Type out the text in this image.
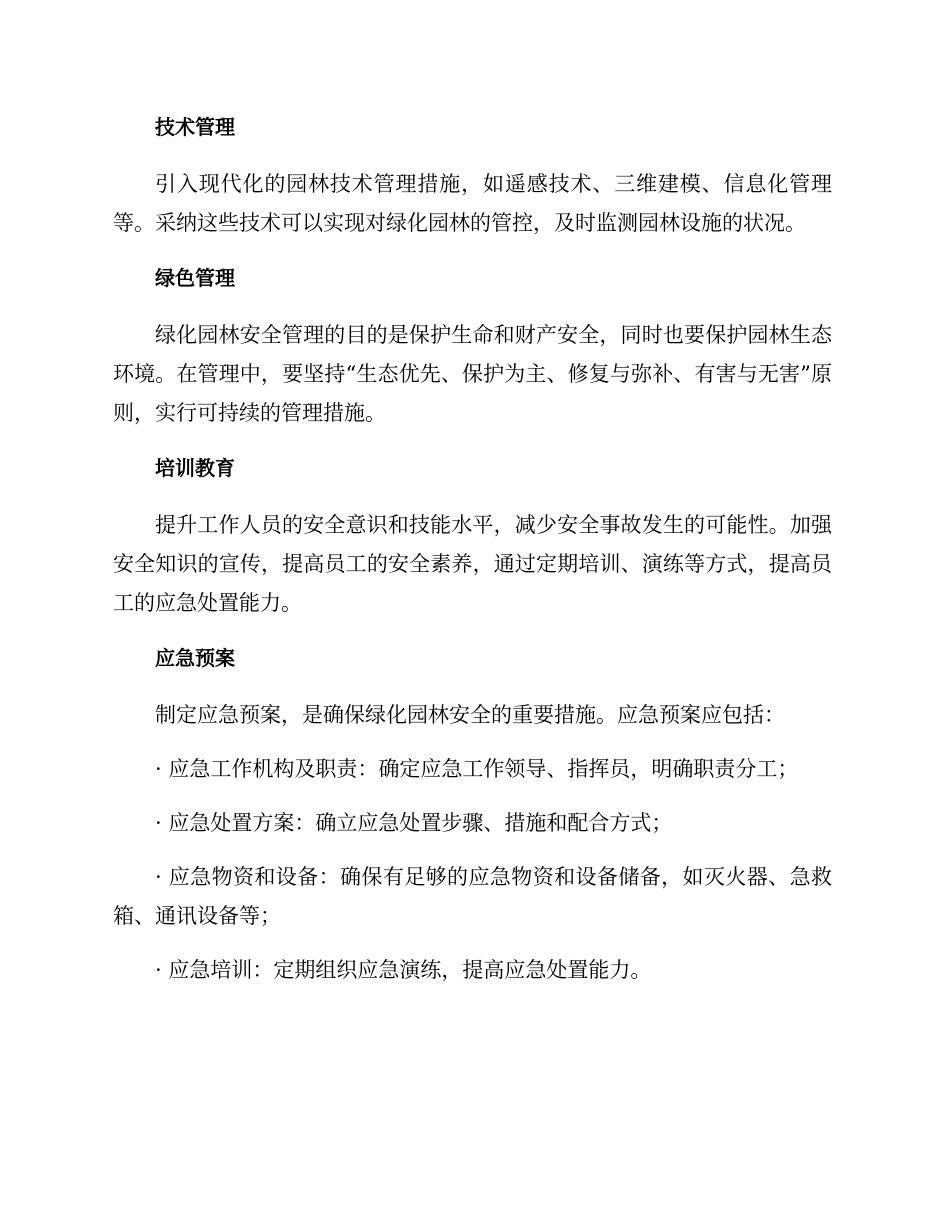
技术管理

引入现代化的园林技术管理措施，如遥感技术、三维建模、信息化管理等。采纳这些技术可以实现对绿化园林的管控，及时监测园林设施的状况。

绿色管理

绿化园林安全管理的目的是保护生命和财产安全，同时也要保护园林生态环境。在管理中，要坚持“生态优先、保护为主、修复与弥补、有害与无害”原则，实行可持续的管理措施。

培训教育

提升工作人员的安全意识和技能水平，减少安全事故发生的可能性。加强安全知识的宣传，提高员工的安全素养，通过定期培训、演练等方式，提高员工的应急处置能力。

应急预案

制定应急预案，是确保绿化园林安全的重要措施。应急预案应包括：

· 应急工作机构及职责：确定应急工作领导、指挥员，明确职责分工；

· 应急处置方案：确立应急处置步骤、措施和配合方式；

· 应急物资和设备：确保有足够的应急物资和设备储备，如灭火器、急救箱、通讯设备等；

· 应急培训：定期组织应急演练，提高应急处置能力。
